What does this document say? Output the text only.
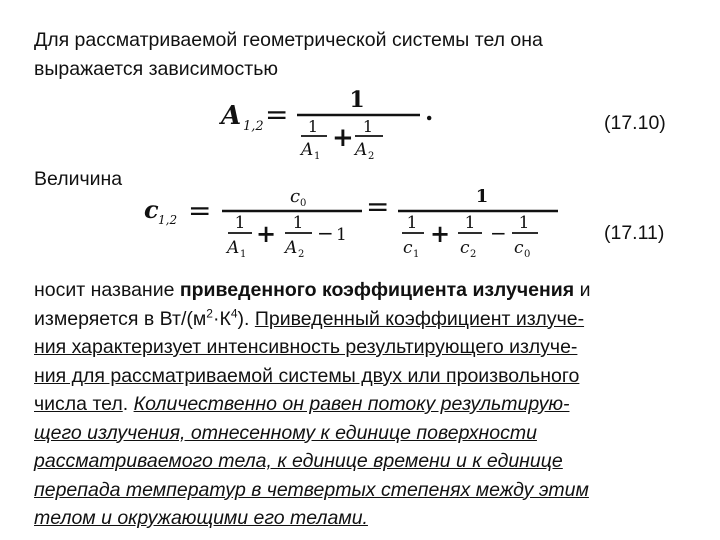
Для рассматриваемой геометрической системы тел она
выражается зависимостью

A 1,2 =	1
1
A 1
+ 1
A 2
.	(17.10)

Величина

c 1,2 =	c 0
1
A 1
+ 1
A 2
− 1
=	1
1
c 1
+ 1
c 2
− 1
c 0
(17.11)

носит название приведенного коэффициента излучения и
измеряется в $Вт/(м^2\cdot К^4)$. Приведенный коэффициент излуче-
ния характеризует интенсивность результирующего излуче-
ния для рассматриваемой системы двух или произвольного
числа тел. Количественно он равен потоку результирую-
щего излучения, отнесенному к единице поверхности
рассматриваемого тела, к единице времени и к единице
перепада температур в четвертых степенях между этим
телом и окружающими его телами.
